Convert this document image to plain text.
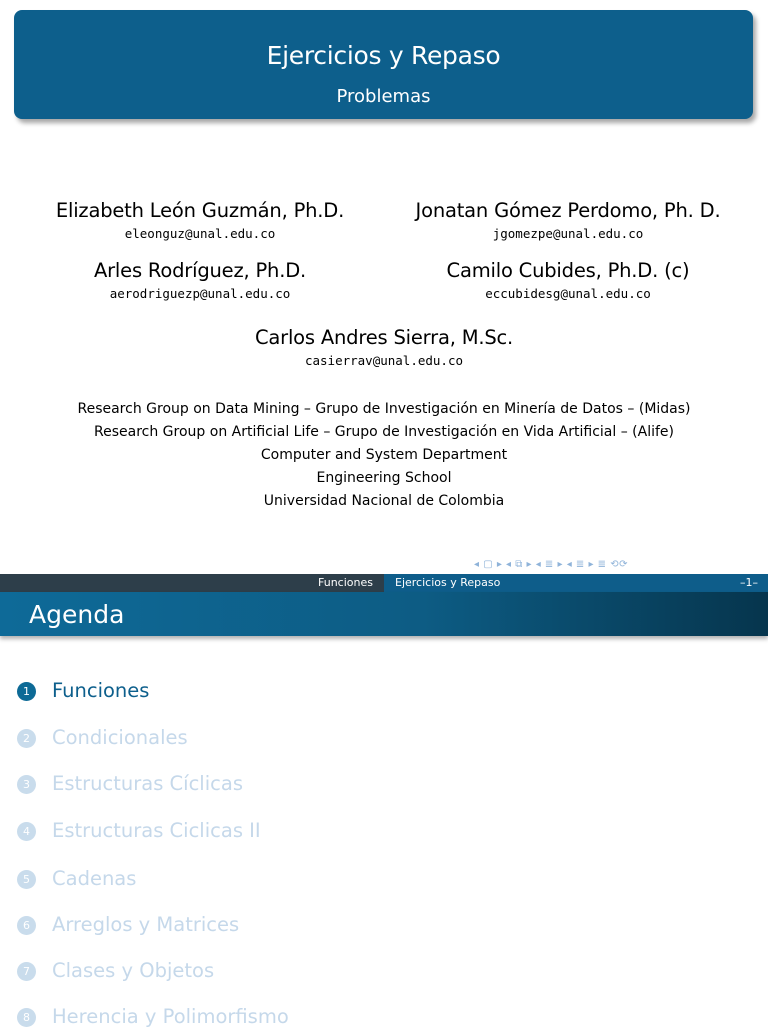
Ejercicios y Repaso
Problemas
Elizabeth León Guzmán, Ph.D.
eleonguz@unal.edu.co
Jonatan Gómez Perdomo, Ph. D.
jgomezpe@unal.edu.co
Arles Rodríguez, Ph.D.
aerodriguezp@unal.edu.co
Camilo Cubides, Ph.D. (c)
eccubidesg@unal.edu.co
Carlos Andres Sierra, M.Sc.
casierrav@unal.edu.co
Research Group on Data Mining – Grupo de Investigación en Minería de Datos – (Midas)
Research Group on Artificial Life – Grupo de Investigación en Vida Artificial – (Alife)
Computer and System Department
Engineering School
Universidad Nacional de Colombia
◂ ▢ ▸ ◂ ⧉ ▸ ◂ ≣ ▸ ◂ ≣ ▸ ≣ ⟲⟳
Funciones Ejercicios y Repaso	–1–
Agenda
1	Funciones
2	Condicionales
3	Estructuras Cíclicas
4	Estructuras Ciclicas II
5	Cadenas
6	Arreglos y Matrices
7	Clases y Objetos
8	Herencia y Polimorfismo
